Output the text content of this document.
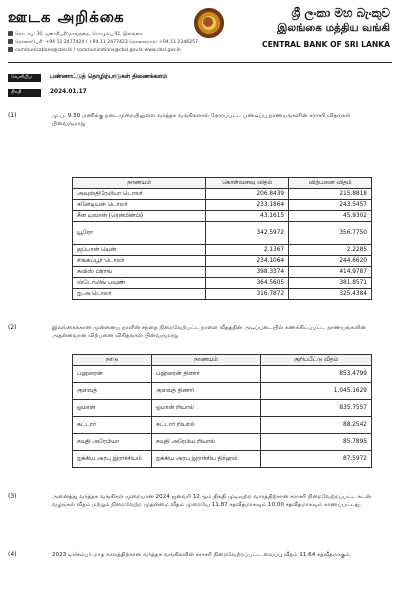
ஊடக அறிக்கை
தொடர்பு: 30, ஜனாதிபதி மாவத்தை, கொழும்பு 01, இலங்கை
தொலைபேசி: +94 11 2477424 / +94 11 2477423 தொலைநகல்: +94 11 2346257
communications@cbsl.lk / communications@cbsl.gov.lk www.cbsl.gov.lk
ශ්‍රී ලංකා මහ බැංකුව
இலங்கை மத்திய வங்கி
CENTRAL BANK OF SRI LANKA
வெளியீடு	பண்ணாட்டுத் தொழிற்பாடுகள் திணைக்களம்
திகதி	2024.01.17
(1)	மு.ப. 9.30 மணிக்கு நடைமுறையிலுள்ள வர்த்தக வங்கிகளால் கோரப்பட்ட பண்டிப்பு நாணயங்களின் சராசரி விதங்கள் பின்வருமாறு
நாணயம்	கொள்வனவு விதம்	விற்பனை விதம்
அவுஸ்திரேலியா டொலர்	206.8439	215.8818
கனேடியன் டொலர்	233.1864	243.5457
சீன யுவான் (ரென்மின்பி)	43.1615	45.9302
யூரோ	342.5972	356.7750
ஜப்பான் யென்	2.1367	2.2285
சிங்கப்பூர் டொலர்	234.1064	244.6620
சுவிஸ் பிராங்	398.3374	414.9787
ஸ்டேர்லிங் பவுண்	364.5605	381.8571
ஐ.அ.டொலர்	316.7872	325.4384
(2)	இலங்கைக்கான முன்னைய நாளின் சந்தை நிறைவேற்பட்ட நாளை வீதத்தின் அடிப்படையில் கணக்கிடப்பட்ட நாணயங்களின் அதன்னவான விற்பனை விகிதங்கள் பின்வருமாறு
நாடு	நாணயம்	குறிப்பீட்டு வீதம்
பஹ்ரைன்	பஹ்ரைன் தினார்	853.4799
குவைத்	குவைத் தினார்	1,045.1629
ஓமான்	ஓமான் றியால்	835.7557
கட்டார்	கட்டார் றியால்	88.2542
சவுதி அரேபியா	சவுதி அரேபிய றியால்	85.7895
ஐக்கிய அரபு இராச்சியம்	ஐக்கிய அரபு இராச்சிய திர்ஹம்	87.5972
(3)	அனைத்து வர்த்தக வங்கிகள் முறையான 2024 ஜனவரி 12ஆம் திகதி முடிவுற்ற வாரத்திற்கான சராசரி நிறைவேற்றப்பட்ட கடன் வழங்கல் வீதம் மற்றும் நிறைவேற்ற முதன்மை வீதம் முறையே 11.87 சதவீதமாகவும் 10.00 சதவீதமாகவும் காணப்பட்டது.
(4)	2023 டிசெம்பர் மாத காலத்திற்கான வர்த்தக வங்கிகளின் சராசரி நிறைவேற்றப்பட்ட வைப்பு வீதம் 11.64 சதவீதமாகும்.
